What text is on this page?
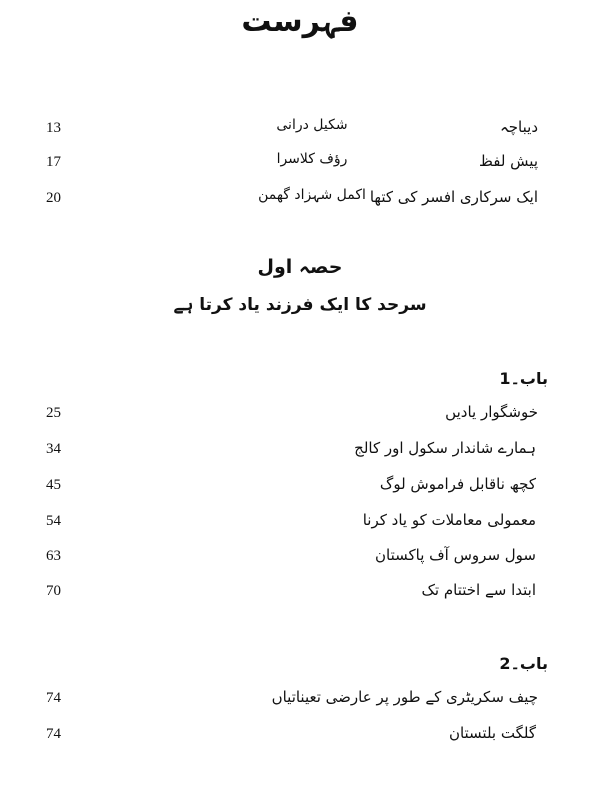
فہرست
دیباچہ
شکیل درانی
13
پیش لفظ
رؤف کلاسرا
17
ایک سرکاری افسر کی کتھا
اکمل شہزاد گھمن
20
حصہ اول
سرحد کا ایک فرزند یاد کرتا ہے
باب۔1
خوشگوار یادیں
25
ہمارے شاندار سکول اور کالج
34
کچھ ناقابل فراموش لوگ
45
معمولی معاملات کو یاد کرنا
54
سول سروس آف پاکستان
63
ابتدا سے اختتام تک
70
باب۔2
چیف سکریٹری کے طور پر عارضی تعیناتیاں
74
گلگت بلتستان
74
